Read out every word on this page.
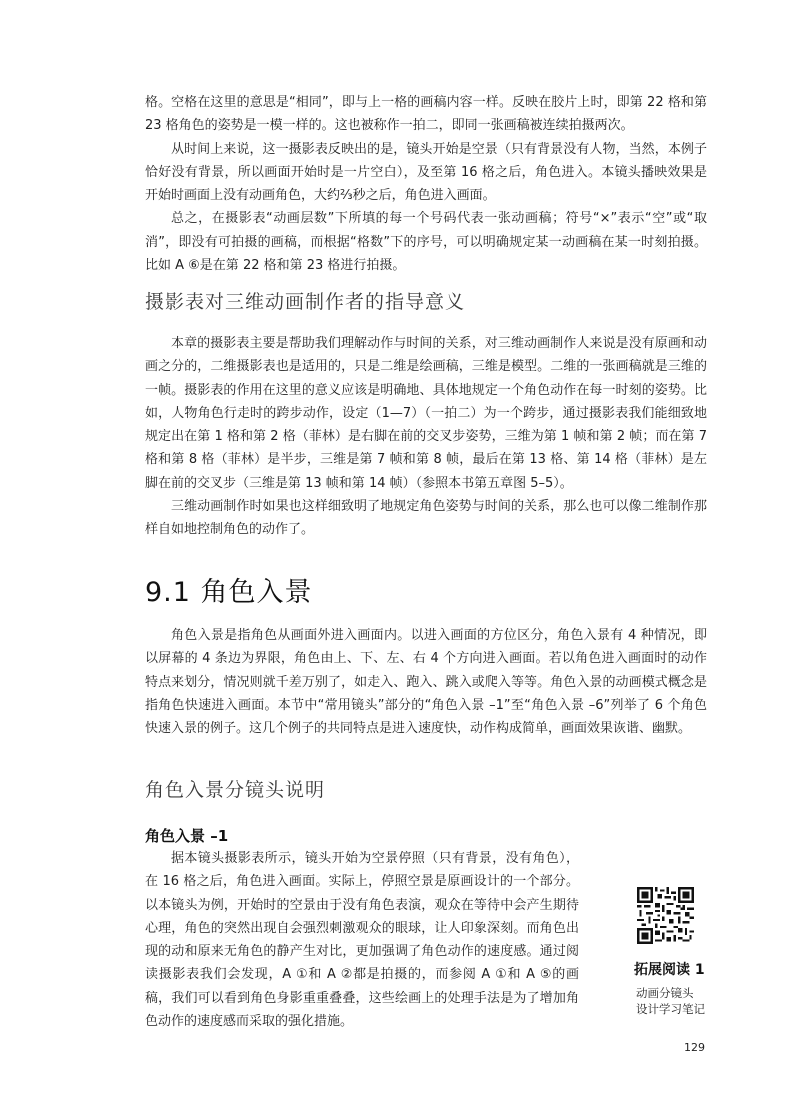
格。空格在这里的意思是“相同”，即与上一格的画稿内容一样。反映在胶片上时，即第 22 格和第 23 格角色的姿势是一模一样的。这也被称作一拍二，即同一张画稿被连续拍摄两次。

从时间上来说，这一摄影表反映出的是，镜头开始是空景（只有背景没有人物，当然，本例子恰好没有背景，所以画面开始时是一片空白），及至第 16 格之后，角色进入。本镜头播映效果是开始时画面上没有动画角色，大约⅔秒之后，角色进入画面。

总之，在摄影表“动画层数”下所填的每一个号码代表一张动画稿；符号“×”表示“空”或“取消”，即没有可拍摄的画稿，而根据“格数”下的序号，可以明确规定某一动画稿在某一时刻拍摄。比如 A ⑥是在第 22 格和第 23 格进行拍摄。

摄影表对三维动画制作者的指导意义

本章的摄影表主要是帮助我们理解动作与时间的关系，对三维动画制作人来说是没有原画和动画之分的，二维摄影表也是适用的，只是二维是绘画稿，三维是模型。二维的一张画稿就是三维的一帧。摄影表的作用在这里的意义应该是明确地、具体地规定一个角色动作在每一时刻的姿势。比如，人物角色行走时的跨步动作，设定（1—7）（一拍二）为一个跨步，通过摄影表我们能细致地规定出在第 1 格和第 2 格（菲林）是右脚在前的交叉步姿势，三维为第 1 帧和第 2 帧；而在第 7 格和第 8 格（菲林）是半步，三维是第 7 帧和第 8 帧，最后在第 13 格、第 14 格（菲林）是左脚在前的交叉步（三维是第 13 帧和第 14 帧）（参照本书第五章图 5–5）。

三维动画制作时如果也这样细致明了地规定角色姿势与时间的关系，那么也可以像二维制作那样自如地控制角色的动作了。

9.1 角色入景

角色入景是指角色从画面外进入画面内。以进入画面的方位区分，角色入景有 4 种情况，即以屏幕的 4 条边为界限，角色由上、下、左、右 4 个方向进入画面。若以角色进入画面时的动作特点来划分，情况则就千差万别了，如走入、跑入、跳入或爬入等等。角色入景的动画模式概念是指角色快速进入画面。本节中“常用镜头”部分的“角色入景 –1”至“角色入景 –6”列举了 6 个角色快速入景的例子。这几个例子的共同特点是进入速度快，动作构成简单，画面效果诙谐、幽默。

角色入景分镜头说明
角色入景 –1

据本镜头摄影表所示，镜头开始为空景停照（只有背景，没有角色），在 16 格之后，角色进入画面。实际上，停照空景是原画设计的一个部分。以本镜头为例，开始时的空景由于没有角色表演，观众在等待中会产生期待心理，角色的突然出现自会强烈刺激观众的眼球，让人印象深刻。而角色出现的动和原来无角色的静产生对比，更加强调了角色动作的速度感。通过阅读摄影表我们会发现，A ①和 A ②都是拍摄的，而参阅 A ①和 A ⑤的画稿，我们可以看到角色身影重重叠叠，这些绘画上的处理手法是为了增加角色动作的速度感而采取的强化措施。

拓展阅读 1
动画分镜头
设计学习笔记
129
